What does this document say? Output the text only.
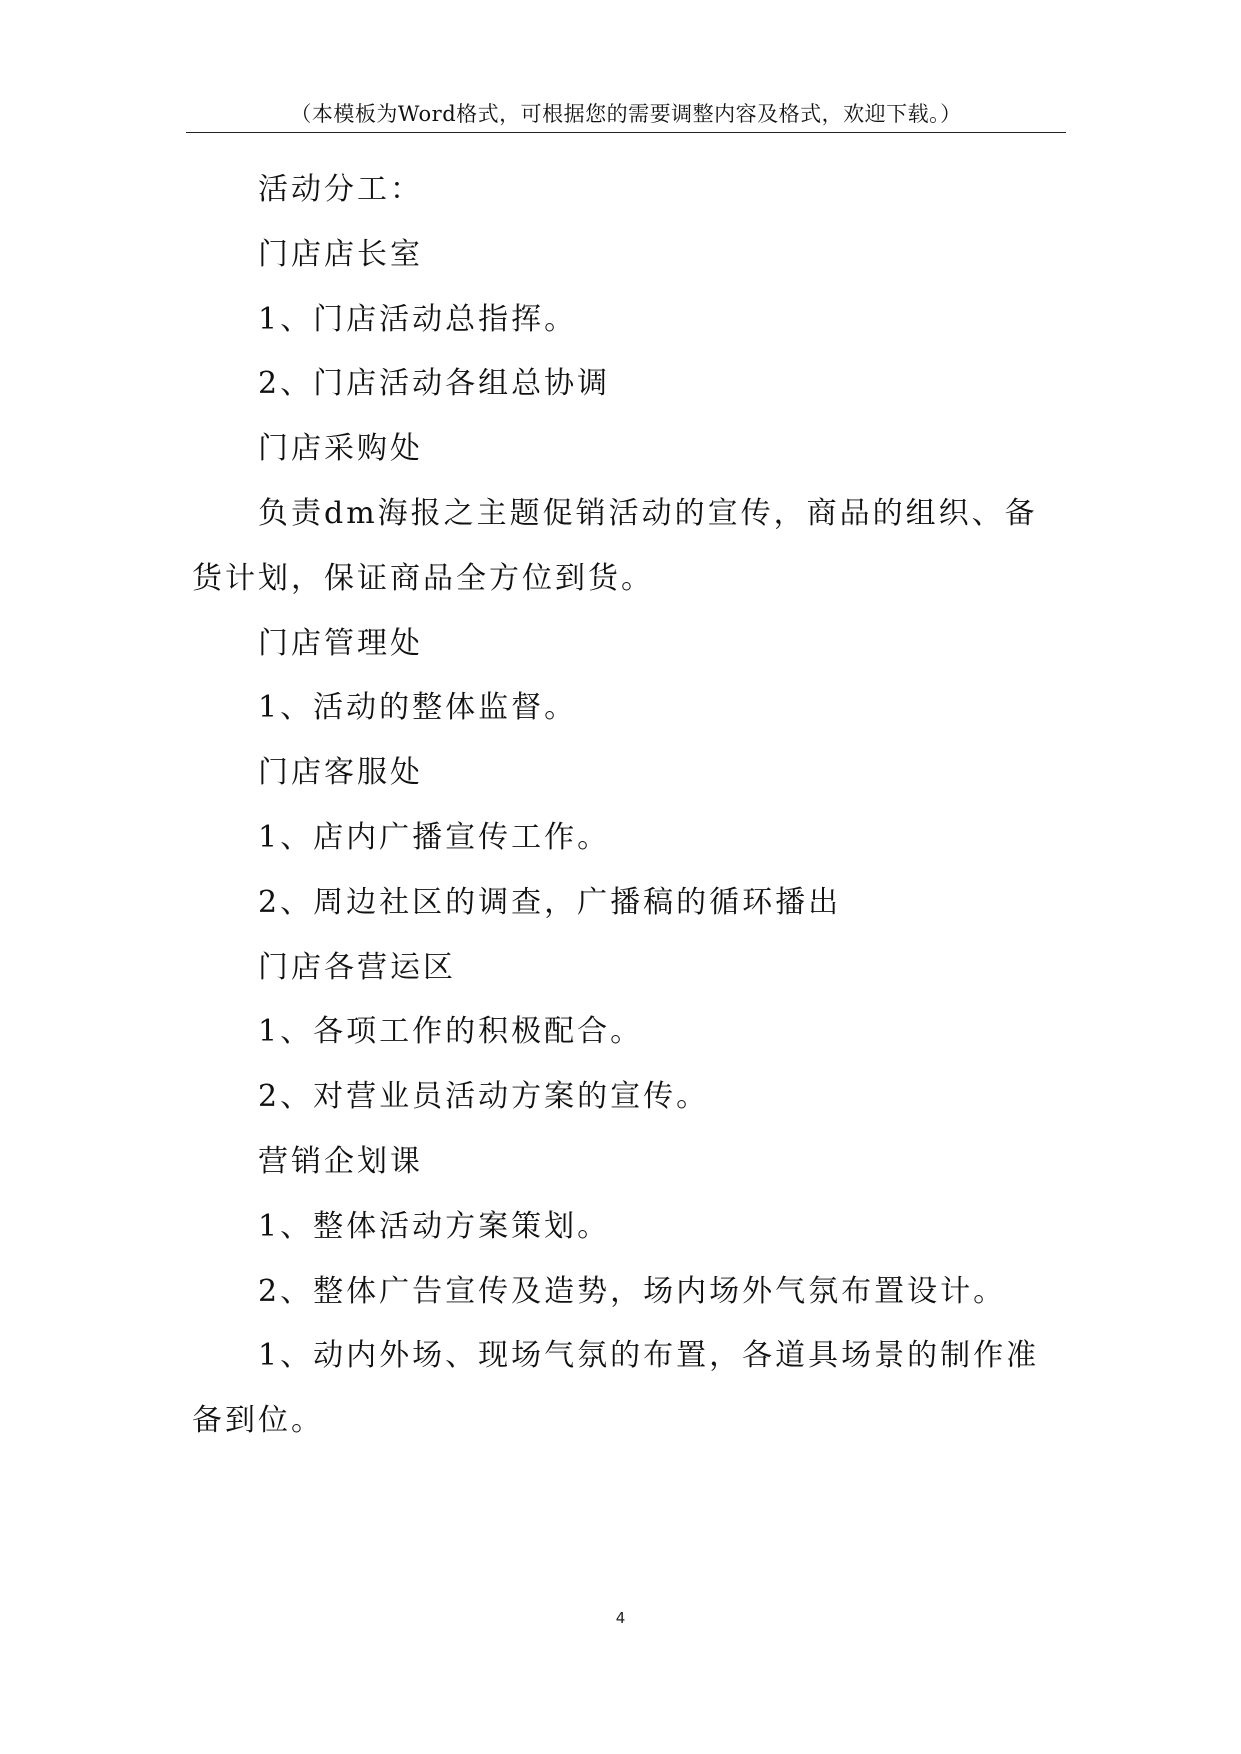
（本模板为Word格式，可根据您的需要调整内容及格式，欢迎下载。）

活动分工：

门店店长室

1、门店活动总指挥。

2、门店活动各组总协调

门店采购处

负责dm海报之主题促销活动的宣传，商品的组织、备货计划，保证商品全方位到货。

门店管理处

1、活动的整体监督。

门店客服处

1、店内广播宣传工作。

2、周边社区的调查，广播稿的循环播出

门店各营运区

1、各项工作的积极配合。

2、对营业员活动方案的宣传。

营销企划课

1、整体活动方案策划。

2、整体广告宣传及造势，场内场外气氛布置设计。

1、动内外场、现场气氛的布置，各道具场景的制作准备到位。

4
